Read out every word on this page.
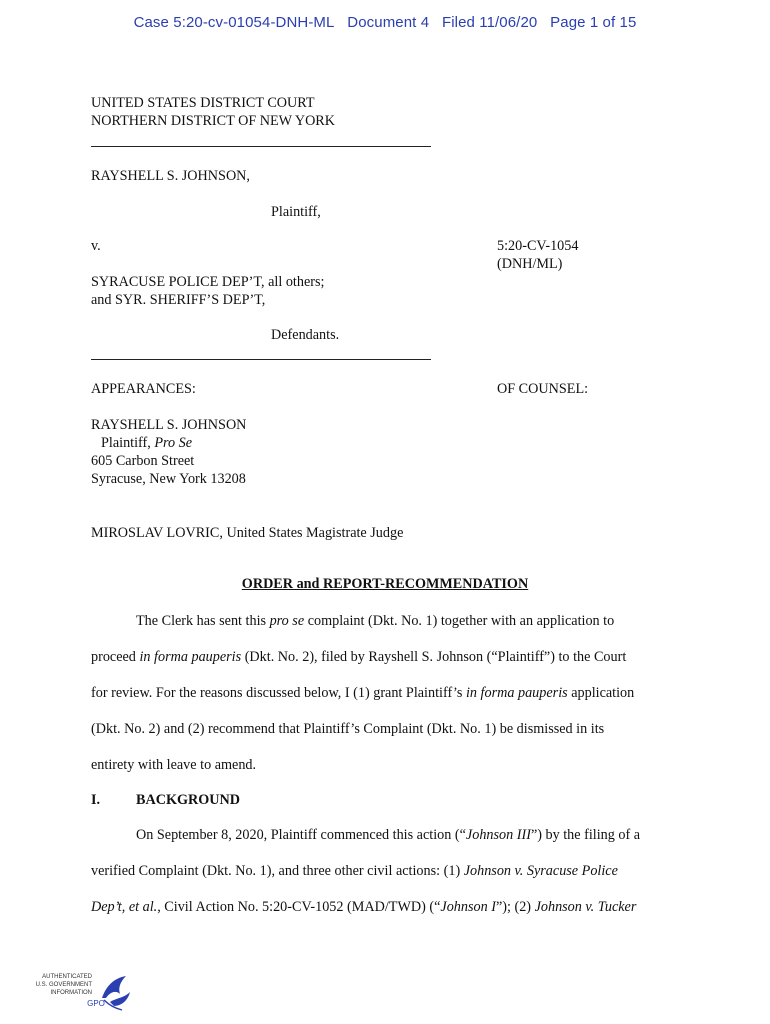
Case 5:20-cv-01054-DNH-ML Document 4 Filed 11/06/20 Page 1 of 15
UNITED STATES DISTRICT COURT
NORTHERN DISTRICT OF NEW YORK
RAYSHELL S. JOHNSON,
Plaintiff,
v.	5:20-CV-1054
(DNH/ML)
SYRACUSE POLICE DEP’T, all others;
and SYR. SHERIFF’S DEP’T,
Defendants.
APPEARANCES:	OF COUNSEL:
RAYSHELL S. JOHNSON
Plaintiff, Pro Se
605 Carbon Street
Syracuse, New York 13208
MIROSLAV LOVRIC, United States Magistrate Judge
ORDER and REPORT-RECOMMENDATION
The Clerk has sent this pro se complaint (Dkt. No. 1) together with an application to
proceed in forma pauperis (Dkt. No. 2), filed by Rayshell S. Johnson (“Plaintiff”) to the Court
for review. For the reasons discussed below, I (1) grant Plaintiff’s in forma pauperis application
(Dkt. No. 2) and (2) recommend that Plaintiff’s Complaint (Dkt. No. 1) be dismissed in its
entirety with leave to amend.
I.	BACKGROUND
On September 8, 2020, Plaintiff commenced this action (“Johnson III”) by the filing of a
verified Complaint (Dkt. No. 1), and three other civil actions: (1) Johnson v. Syracuse Police
Dep’t, et al., Civil Action No. 5:20-CV-1052 (MAD/TWD) (“Johnson I”); (2) Johnson v. Tucker
AUTHENTICATED
U.S. GOVERNMENT
INFORMATION
GPO
